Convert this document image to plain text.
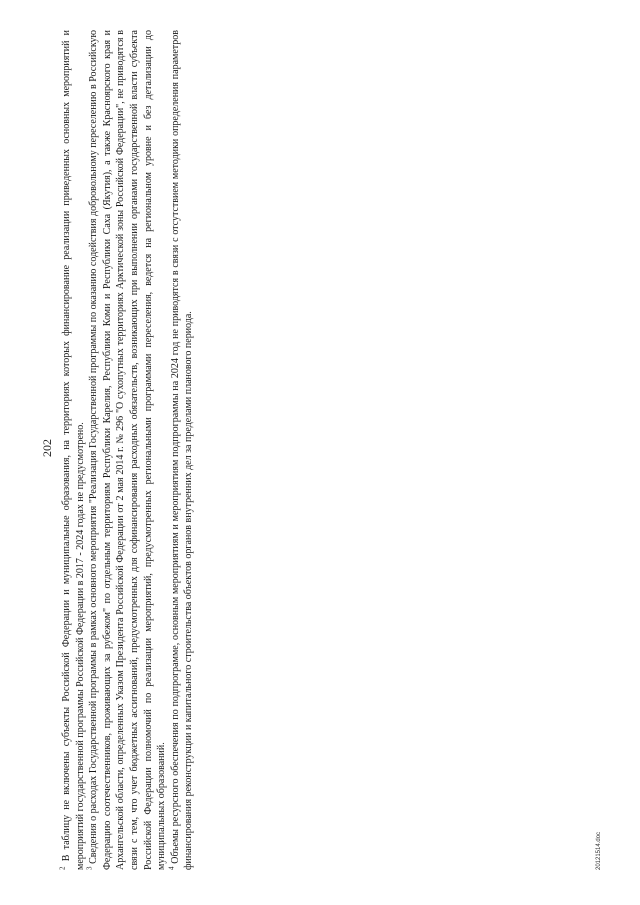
202

$^2$ В таблицу не включены субъекты Российской Федерации и муниципальные образования, на территориях которых финансирование реализации приведенных основных мероприятий и мероприятий государственной программы Российской Федерации в 2017 - 2024 годах не предусмотрено. $^3$ Сведения о расходах Государственной программы в рамках основного мероприятия "Реализация Государственной программы по оказанию содействия добровольному переселению в Российскую Федерацию соотечественников, проживающих за рубежом" по отдельным территориям Республики Карелия, Республики Коми и Республики Саха (Якутия), а также Красноярского края и Архангельской области, определенных Указом Президента Российской Федерации от 2 мая 2014 г. № 296 "О сухопутных территориях Арктической зоны Российской Федерации", не приводятся в связи с тем, что учет бюджетных ассигнований, предусмотренных для софинансирования расходных обязательств, возникающих при выполнении органами государственной власти субъекта Российской Федерации полномочий по реализации мероприятий, предусмотренных региональными программами переселения, ведется на региональном уровне и без детализации до муниципальных образований. $^4$ Объемы ресурсного обеспечения по подпрограмме, основным мероприятиям и мероприятиям подпрограммы на 2024 год не приводятся в связи с отсутствием методики определения параметров финансирования реконструкции и капитального строительства объектов органов внутренних дел за пределами планового периода.	20121514.doc
